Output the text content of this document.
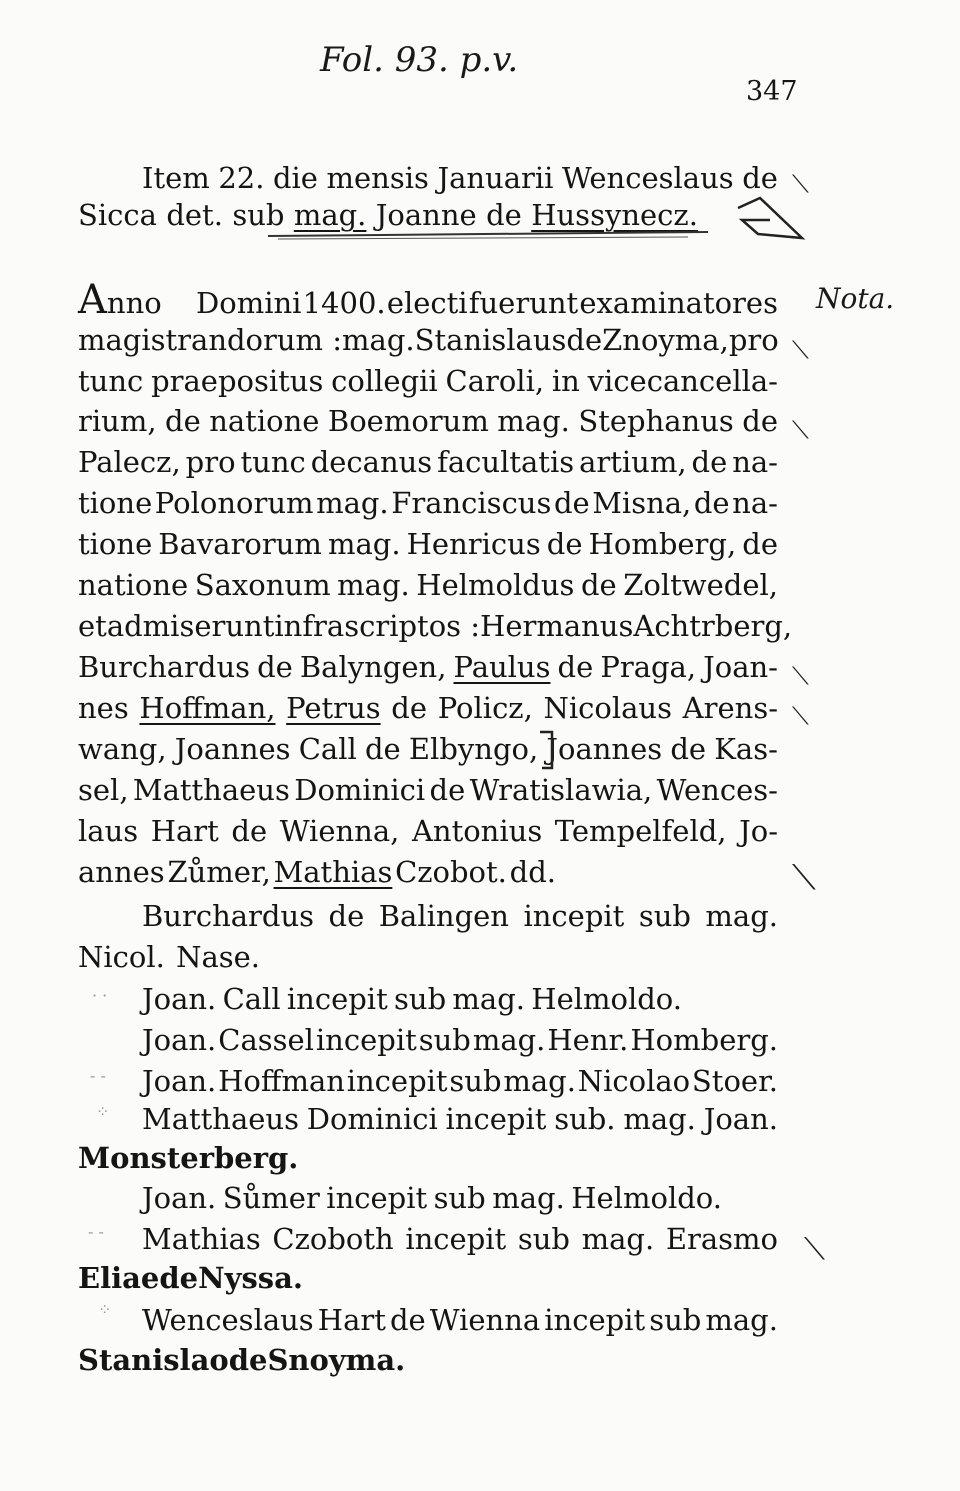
Fol. 93. p.v.
347
Item 22. die mensis Januarii Wenceslaus de
Sicca det. sub mag. Joanne de Hussynecz.
Anno Domini 1400. electi fuerunt examinatores Nota.
magistrandorum : mag. Stanislaus de Znoyma, pro
tunc praepositus collegii Caroli, in vicecancella-
rium, de natione Boemorum mag. Stephanus de
Palecz, pro tunc decanus facultatis artium, de na-
tione Polonorum mag. Franciscus de Misna, de na-
tione Bavarorum mag. Henricus de Homberg, de
natione Saxonum mag. Helmoldus de Zoltwedel,
et admiserunt infra scriptos : Hermanus Achtrberg,
Burchardus de Balyngen, Paulus de Praga, Joan-
nes Hoffman, Petrus de Policz, Nicolaus Arens-
wang, Joannes Call de Elbyngo, Joannes de Kas-
sel, Matthaeus Dominici de Wratislawia, Wences-
laus Hart de Wienna, Antonius Tempelfeld, Jo-
annes Zůmer, Mathias Czobot. dd.
Burchardus de Balingen incepit sub mag.
Nicol. Nase.
Joan. Call incepit sub mag. Helmoldo.
Joan. Cassel incepit sub mag. Henr. Homberg.
Joan. Hoffman incepit sub mag. Nicolao Stoer.
Matthaeus Dominici incepit sub. mag. Joan.
Monsterberg.
Joan. Sůmer incepit sub mag. Helmoldo.
Mathias Czoboth incepit sub mag. Erasmo
Eliae de Nyssa.
Wenceslaus Hart de Wienna incepit sub mag.
Stanislao de Snoyma.
⟍
⟍
⟍
⟍
⟍
⟍
⟍
· ·
- -
⁘
- -
⁘
